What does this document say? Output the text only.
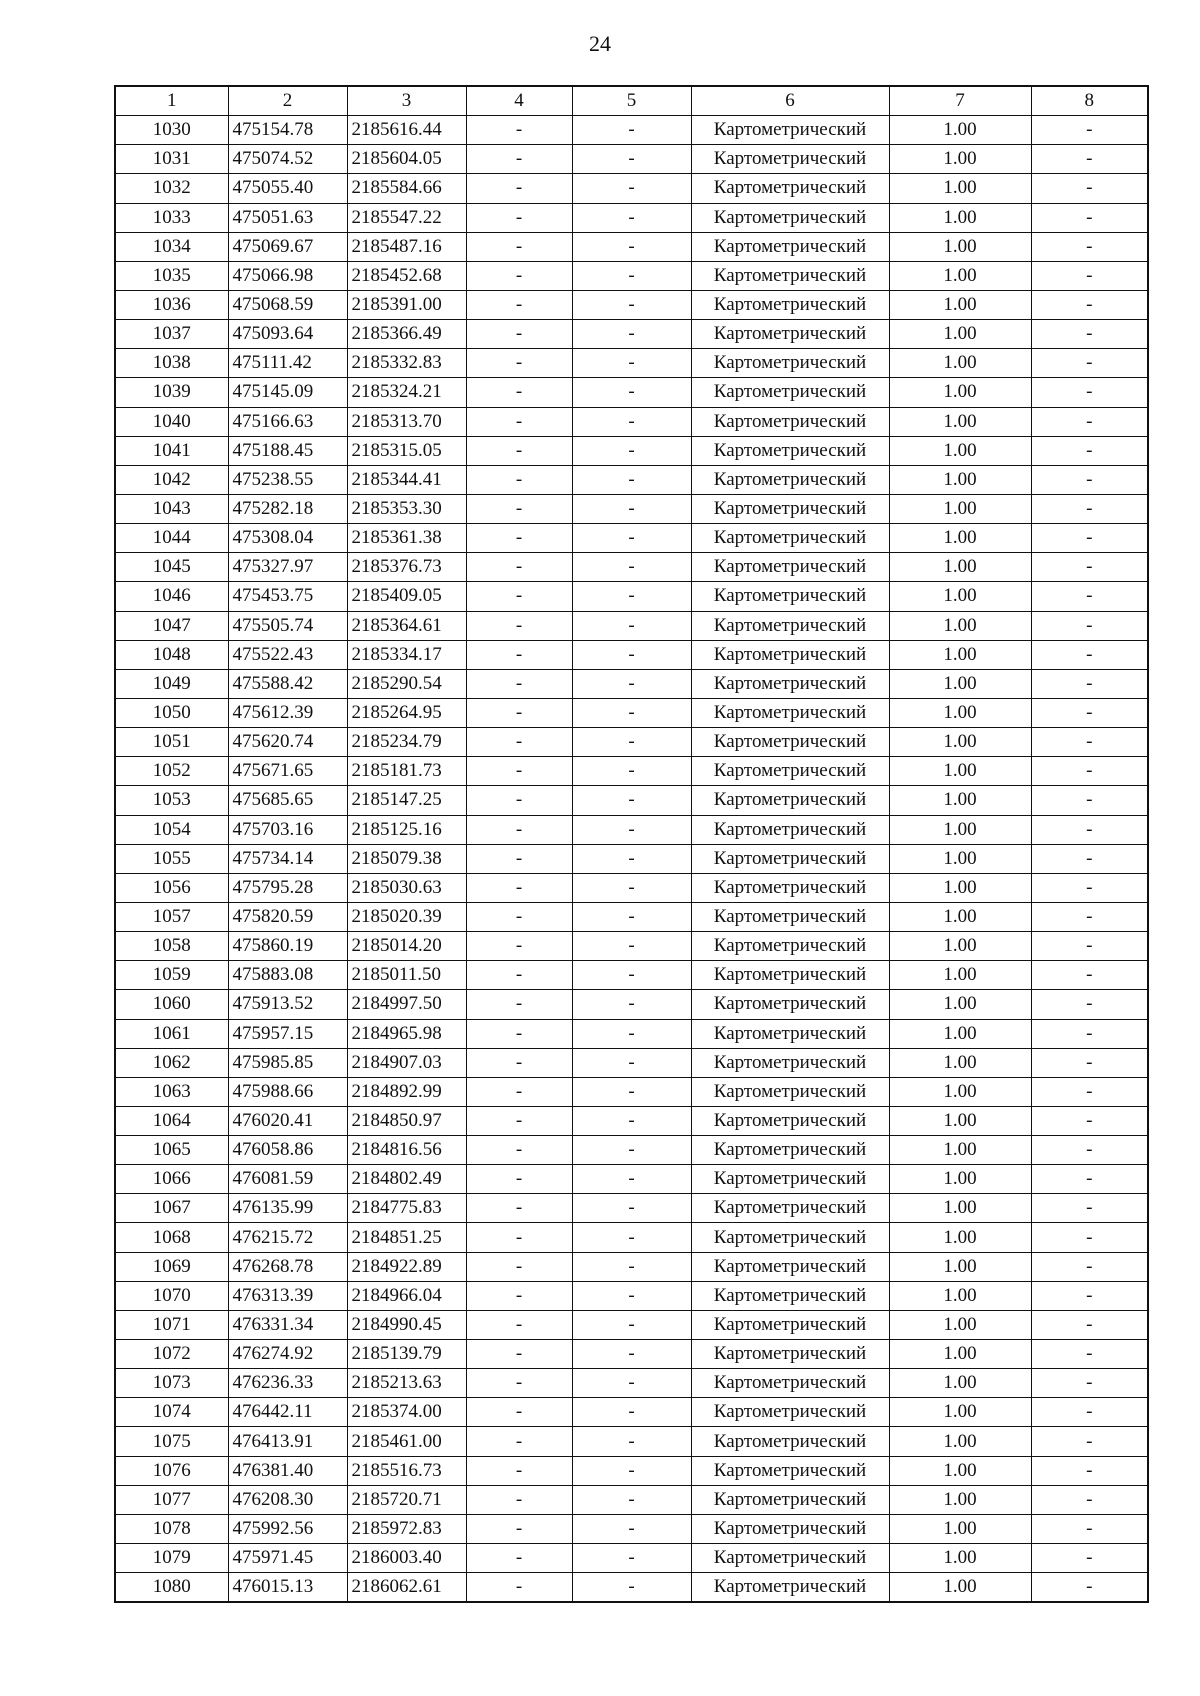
24
1	2	3	4	5	6	7	8
1030	475154.78	2185616.44	-	-	Картометрический	1.00	-
1031	475074.52	2185604.05	-	-	Картометрический	1.00	-
1032	475055.40	2185584.66	-	-	Картометрический	1.00	-
1033	475051.63	2185547.22	-	-	Картометрический	1.00	-
1034	475069.67	2185487.16	-	-	Картометрический	1.00	-
1035	475066.98	2185452.68	-	-	Картометрический	1.00	-
1036	475068.59	2185391.00	-	-	Картометрический	1.00	-
1037	475093.64	2185366.49	-	-	Картометрический	1.00	-
1038	475111.42	2185332.83	-	-	Картометрический	1.00	-
1039	475145.09	2185324.21	-	-	Картометрический	1.00	-
1040	475166.63	2185313.70	-	-	Картометрический	1.00	-
1041	475188.45	2185315.05	-	-	Картометрический	1.00	-
1042	475238.55	2185344.41	-	-	Картометрический	1.00	-
1043	475282.18	2185353.30	-	-	Картометрический	1.00	-
1044	475308.04	2185361.38	-	-	Картометрический	1.00	-
1045	475327.97	2185376.73	-	-	Картометрический	1.00	-
1046	475453.75	2185409.05	-	-	Картометрический	1.00	-
1047	475505.74	2185364.61	-	-	Картометрический	1.00	-
1048	475522.43	2185334.17	-	-	Картометрический	1.00	-
1049	475588.42	2185290.54	-	-	Картометрический	1.00	-
1050	475612.39	2185264.95	-	-	Картометрический	1.00	-
1051	475620.74	2185234.79	-	-	Картометрический	1.00	-
1052	475671.65	2185181.73	-	-	Картометрический	1.00	-
1053	475685.65	2185147.25	-	-	Картометрический	1.00	-
1054	475703.16	2185125.16	-	-	Картометрический	1.00	-
1055	475734.14	2185079.38	-	-	Картометрический	1.00	-
1056	475795.28	2185030.63	-	-	Картометрический	1.00	-
1057	475820.59	2185020.39	-	-	Картометрический	1.00	-
1058	475860.19	2185014.20	-	-	Картометрический	1.00	-
1059	475883.08	2185011.50	-	-	Картометрический	1.00	-
1060	475913.52	2184997.50	-	-	Картометрический	1.00	-
1061	475957.15	2184965.98	-	-	Картометрический	1.00	-
1062	475985.85	2184907.03	-	-	Картометрический	1.00	-
1063	475988.66	2184892.99	-	-	Картометрический	1.00	-
1064	476020.41	2184850.97	-	-	Картометрический	1.00	-
1065	476058.86	2184816.56	-	-	Картометрический	1.00	-
1066	476081.59	2184802.49	-	-	Картометрический	1.00	-
1067	476135.99	2184775.83	-	-	Картометрический	1.00	-
1068	476215.72	2184851.25	-	-	Картометрический	1.00	-
1069	476268.78	2184922.89	-	-	Картометрический	1.00	-
1070	476313.39	2184966.04	-	-	Картометрический	1.00	-
1071	476331.34	2184990.45	-	-	Картометрический	1.00	-
1072	476274.92	2185139.79	-	-	Картометрический	1.00	-
1073	476236.33	2185213.63	-	-	Картометрический	1.00	-
1074	476442.11	2185374.00	-	-	Картометрический	1.00	-
1075	476413.91	2185461.00	-	-	Картометрический	1.00	-
1076	476381.40	2185516.73	-	-	Картометрический	1.00	-
1077	476208.30	2185720.71	-	-	Картометрический	1.00	-
1078	475992.56	2185972.83	-	-	Картометрический	1.00	-
1079	475971.45	2186003.40	-	-	Картометрический	1.00	-
1080	476015.13	2186062.61	-	-	Картометрический	1.00	-
